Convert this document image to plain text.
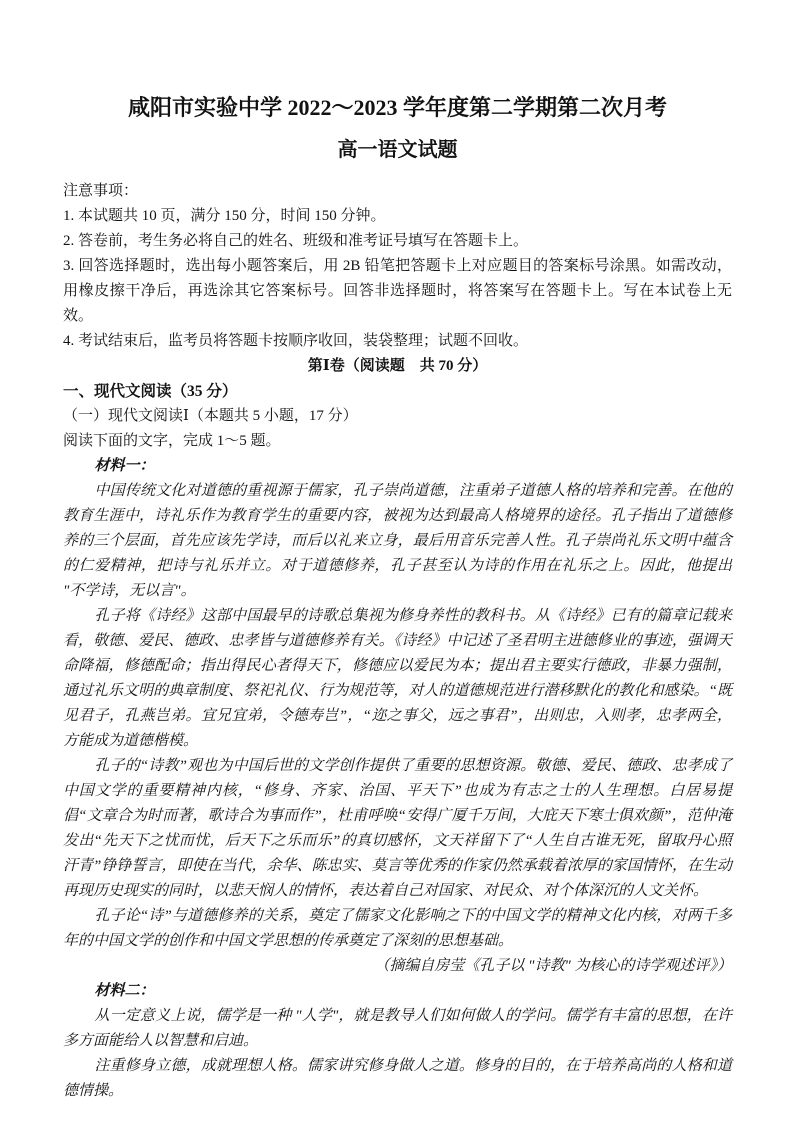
咸阳市实验中学 2022～2023 学年度第二学期第二次月考
高一语文试题

注意事项：

1. 本试题共 10 页，满分 150 分，时间 150 分钟。

2. 答卷前，考生务必将自己的姓名、班级和准考证号填写在答题卡上。

3. 回答选择题时，选出每小题答案后，用 2B 铅笔把答题卡上对应题目的答案标号涂黑。如需改动，用橡皮擦干净后，再选涂其它答案标号。回答非选择题时，将答案写在答题卡上。写在本试卷上无效。

4. 考试结束后，监考员将答题卡按顺序收回，装袋整理；试题不回收。

第Ⅰ卷（阅读题　共 70 分）

一、现代文阅读（35 分）

（一）现代文阅读Ⅰ（本题共 5 小题，17 分）

阅读下面的文字，完成 1～5 题。

材料一：

中国传统文化对道德的重视源于儒家，孔子崇尚道德，注重弟子道德人格的培养和完善。在他的教育生涯中，诗礼乐作为教育学生的重要内容，被视为达到最高人格境界的途径。孔子指出了道德修养的三个层面，首先应该先学诗，而后以礼来立身，最后用音乐完善人性。孔子崇尚礼乐文明中蕴含的仁爱精神，把诗与礼乐并立。对于道德修养，孔子甚至认为诗的作用在礼乐之上。因此，他提出 "不学诗，无以言"。

孔子将《诗经》这部中国最早的诗歌总集视为修身养性的教科书。从《诗经》已有的篇章记载来看，敬德、爱民、德政、忠孝皆与道德修养有关。《诗经》中记述了圣君明主进德修业的事迹，强调天命降福，修德配命；指出得民心者得天下，修德应以爱民为本；提出君主要实行德政，非暴力强制，通过礼乐文明的典章制度、祭祀礼仪、行为规范等，对人的道德规范进行潜移默化的教化和感染。“既见君子，孔燕岂弟。宜兄宜弟，令德寿岂”，“迩之事父，远之事君”，出则忠，入则孝，忠孝两全，方能成为道德楷模。

孔子的“诗教”观也为中国后世的文学创作提供了重要的思想资源。敬德、爱民、德政、忠孝成了中国文学的重要精神内核，“修身、齐家、治国、平天下”也成为有志之士的人生理想。白居易提倡“文章合为时而著，歌诗合为事而作”，杜甫呼唤“安得广厦千万间，大庇天下寒士俱欢颜”，范仲淹发出“先天下之忧而忧，后天下之乐而乐”的真切感怀，文天祥留下了“人生自古谁无死，留取丹心照汗青”铮铮誓言，即使在当代，余华、陈忠实、莫言等优秀的作家仍然承载着浓厚的家国情怀，在生动再现历史现实的同时，以悲天悯人的情怀，表达着自己对国家、对民众、对个体深沉的人文关怀。

孔子论“诗”与道德修养的关系，奠定了儒家文化影响之下的中国文学的精神文化内核，对两千多年的中国文学的创作和中国文学思想的传承奠定了深刻的思想基础。

（摘编自房莹《孔子以 "诗教" 为核心的诗学观述评》）

材料二：

从一定意义上说，儒学是一种 "人学"，就是教导人们如何做人的学问。儒学有丰富的思想，在许多方面能给人以智慧和启迪。

注重修身立德，成就理想人格。儒家讲究修身做人之道。修身的目的，在于培养高尚的人格和道德情操。
